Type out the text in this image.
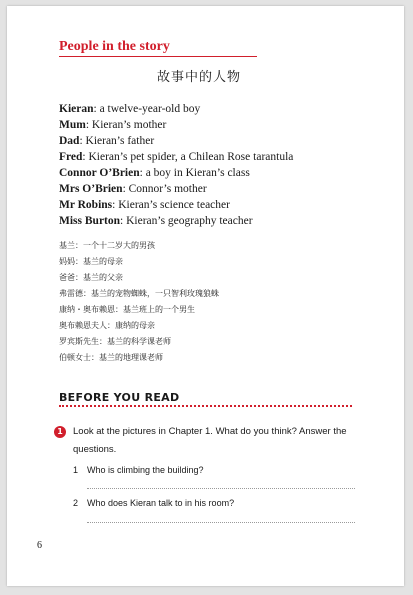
People in the story
故事中的人物
Kieran: a twelve-year-old boy
Mum: Kieran’s mother
Dad: Kieran’s father
Fred: Kieran’s pet spider, a Chilean Rose tarantula
Connor O’Brien: a boy in Kieran’s class
Mrs O’Brien: Connor’s mother
Mr Robins: Kieran’s science teacher
Miss Burton: Kieran’s geography teacher
基兰：一个十二岁大的男孩
妈妈：基兰的母亲
爸爸：基兰的父亲
弗雷德：基兰的宠物蜘蛛，一只智利玫瑰狼蛛
康纳・奥布赖恩：基兰班上的一个男生
奥布赖恩夫人：康纳的母亲
罗宾斯先生：基兰的科学课老师
伯顿女士：基兰的地理课老师
BEFORE YOU READ
1	Look at the pictures in Chapter 1. What do you think? Answer the questions.
1 Who is climbing the building?
2 Who does Kieran talk to in his room?
6
